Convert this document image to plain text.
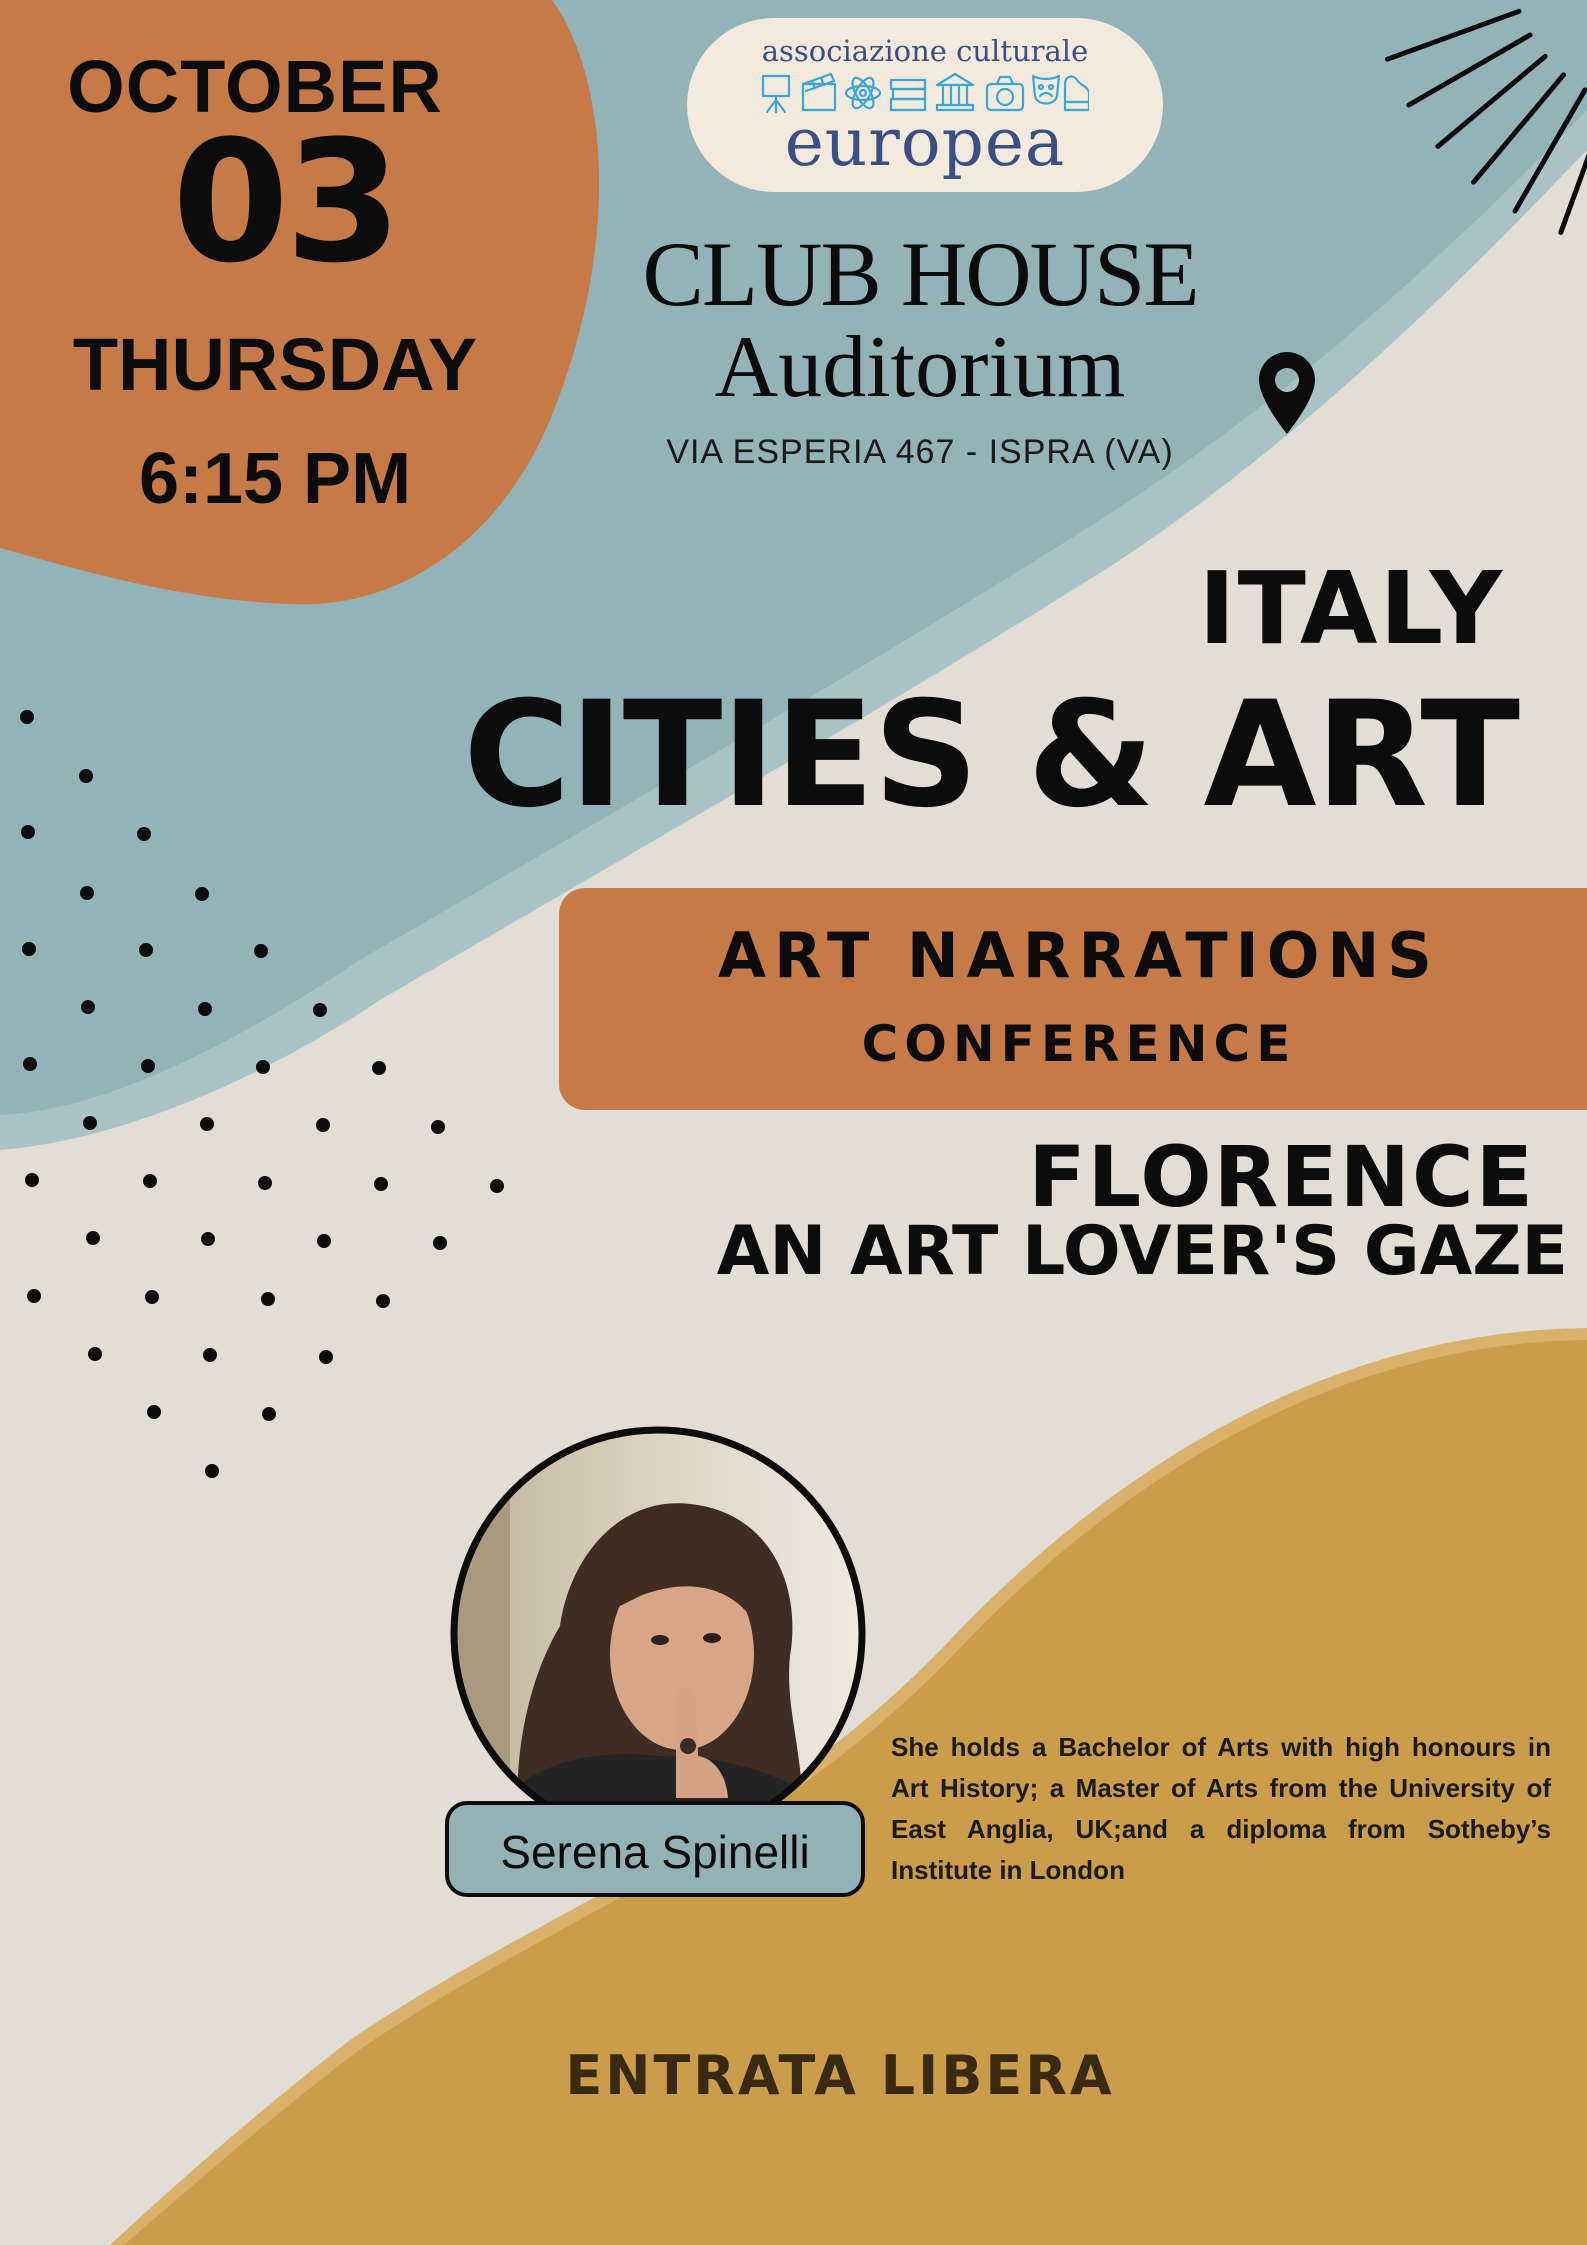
OCTOBER
03
THURSDAY
6:15 PM
associazione culturale
europea
CLUB HOUSE
Auditorium
VIA ESPERIA 467 - ISPRA (VA)
ITALY
CITIES & ART
ART NARRATIONS
CONFERENCE
FLORENCE
AN ART LOVER'S GAZE
Serena Spinelli

She holds a Bachelor of Arts with high honours in Art History; a Master of Arts from the University of East Anglia, UK;and a diploma from Sotheby’s Institute in London

ENTRATA LIBERA
